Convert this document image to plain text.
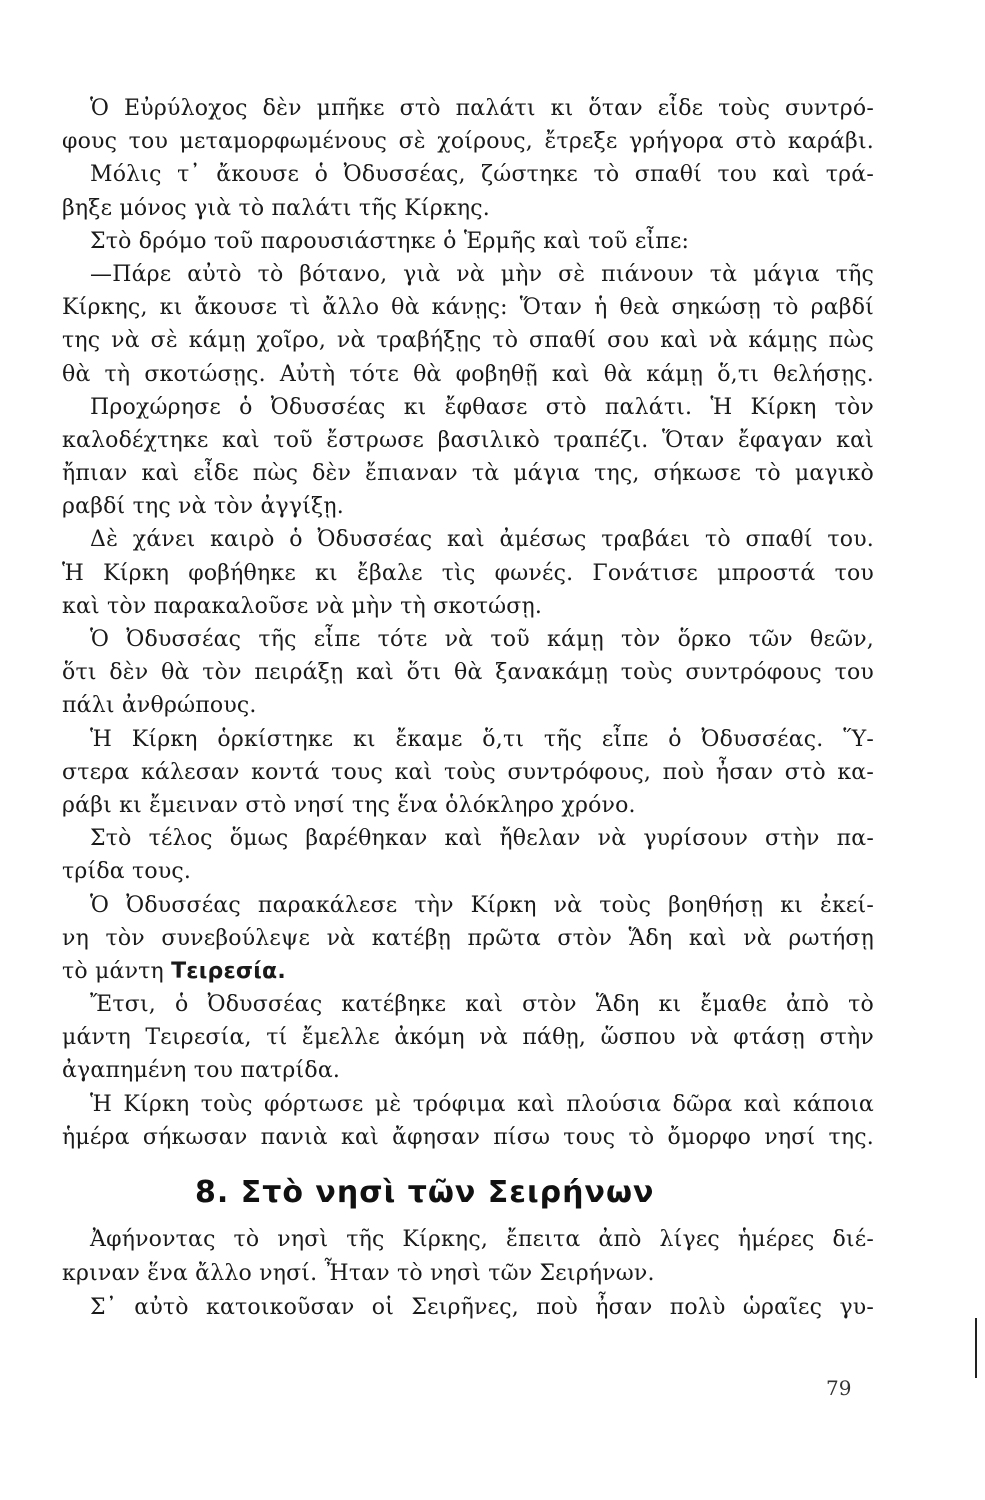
Ὁ Εὐρύλοχος δὲν μπῆκε στὸ παλάτι κι ὅταν εἶδε τοὺς συντρό-
φους του μεταμορφωμένους σὲ χοίρους, ἔτρεξε γρήγορα στὸ καράβι.
Μόλις τ᾽ ἄκουσε ὁ Ὀδυσσέας, ζώστηκε τὸ σπαθί του καὶ τρά-
βηξε μόνος γιὰ τὸ παλάτι τῆς Κίρκης.
Στὸ δρόμο τοῦ παρουσιάστηκε ὁ Ἑρμῆς καὶ τοῦ εἶπε:
—Πάρε αὐτὸ τὸ βότανο, γιὰ νὰ μὴν σὲ πιάνουν τὰ μάγια τῆς
Κίρκης, κι ἄκουσε τὶ ἄλλο θὰ κάνῃς: Ὅταν ἡ θεὰ σηκώσῃ τὸ ραβδί
της νὰ σὲ κάμῃ χοῖρο, νὰ τραβήξῃς τὸ σπαθί σου καὶ νὰ κάμῃς πὼς
θὰ τὴ σκοτώσῃς. Αὐτὴ τότε θὰ φοβηθῇ καὶ θὰ κάμῃ ὅ,τι θελήσῃς.
Προχώρησε ὁ Ὀδυσσέας κι ἔφθασε στὸ παλάτι. Ἡ Κίρκη τὸν
καλοδέχτηκε καὶ τοῦ ἔστρωσε βασιλικὸ τραπέζι. Ὅταν ἔφαγαν καὶ
ἤπιαν καὶ εἶδε πὼς δὲν ἔπιαναν τὰ μάγια της, σήκωσε τὸ μαγικὸ
ραβδί της νὰ τὸν ἀγγίξῃ.
Δὲ χάνει καιρὸ ὁ Ὀδυσσέας καὶ ἀμέσως τραβάει τὸ σπαθί του.
Ἡ Κίρκη φοβήθηκε κι ἔβαλε τὶς φωνές. Γονάτισε μπροστά του
καὶ τὸν παρακαλοῦσε νὰ μὴν τὴ σκοτώσῃ.
Ὁ Ὀδυσσέας τῆς εἶπε τότε νὰ τοῦ κάμῃ τὸν ὅρκο τῶν θεῶν,
ὅτι δὲν θὰ τὸν πειράξῃ καὶ ὅτι θὰ ξανακάμῃ τοὺς συντρόφους του
πάλι ἀνθρώπους.
Ἡ Κίρκη ὁρκίστηκε κι ἔκαμε ὅ,τι τῆς εἶπε ὁ Ὀδυσσέας. Ὕ-
στερα κάλεσαν κοντά τους καὶ τοὺς συντρόφους, ποὺ ἦσαν στὸ κα-
ράβι κι ἔμειναν στὸ νησί της ἕνα ὁλόκληρο χρόνο.
Στὸ τέλος ὅμως βαρέθηκαν καὶ ἤθελαν νὰ γυρίσουν στὴν πα-
τρίδα τους.
Ὁ Ὀδυσσέας παρακάλεσε τὴν Κίρκη νὰ τοὺς βοηθήσῃ κι ἐκεί-
νη τὸν συνεβούλεψε νὰ κατέβῃ πρῶτα στὸν Ἅδη καὶ νὰ ρωτήσῃ
τὸ μάντη Τειρεσία.
Ἔτσι, ὁ Ὀδυσσέας κατέβηκε καὶ στὸν Ἅδη κι ἔμαθε ἀπὸ τὸ
μάντη Τειρεσία, τί ἔμελλε ἀκόμη νὰ πάθῃ, ὥσπου νὰ φτάσῃ στὴν
ἀγαπημένη του πατρίδα.
Ἡ Κίρκη τοὺς φόρτωσε μὲ τρόφιμα καὶ πλούσια δῶρα καὶ κάποια
ἡμέρα σήκωσαν πανιὰ καὶ ἄφησαν πίσω τους τὸ ὄμορφο νησί της.
8. Στὸ νησὶ τῶν Σειρήνων
Ἀφήνοντας τὸ νησὶ τῆς Κίρκης, ἔπειτα ἀπὸ λίγες ἡμέρες διέ-
κριναν ἕνα ἄλλο νησί. Ἦταν τὸ νησὶ τῶν Σειρήνων.
Σ᾽ αὐτὸ κατοικοῦσαν οἱ Σειρῆνες, ποὺ ἦσαν πολὺ ὡραῖες γυ-
79
